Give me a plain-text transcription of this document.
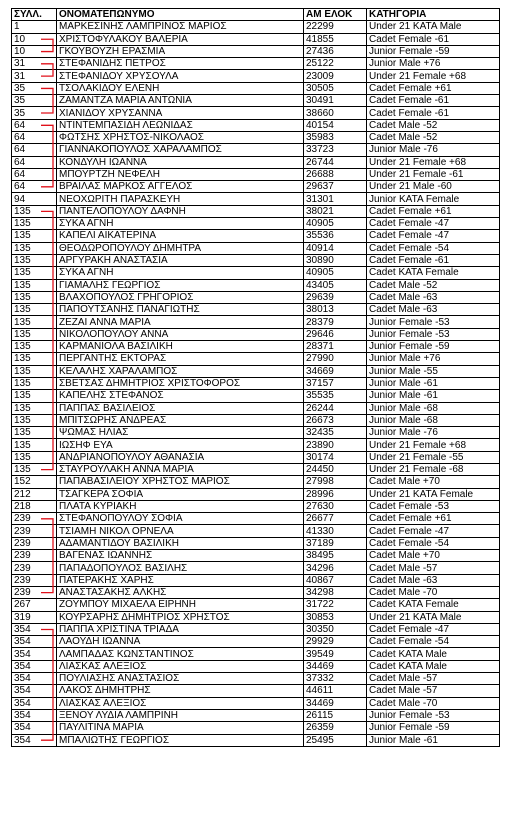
ΣΥΛΛ.	ΟΝΟΜΑΤΕΠΩΝΥΜΟ	ΑΜ ΕΛΟΚ	ΚΑΤΗΓΟΡΙΑ
1	ΜΑΡΚΕΣΙΝΗΣ ΛΑΜΠΡΙΝΟΣ ΜΑΡΙΟΣ	22299	Under 21 KATA Male
10	ΧΡΙΣΤΟΦΥΛΑΚΟΥ ΒΑΛΕΡΙΑ	41855	Cadet Female -61
10	ΓΚΟΥΒΟΥΖΗ ΕΡΑΣΜΙΑ	27436	Junior Female -59
31	ΣΤΕΦΑΝΙΔΗΣ ΠΕΤΡΟΣ	25122	Junior Male +76
31	ΣΤΕΦΑΝΙΔΟΥ ΧΡΥΣΟΥΛΑ	23009	Under 21 Female +68
35	ΤΣΟΛΑΚΙΔΟΥ ΕΛΕΝΗ	30505	Cadet Female +61
35	ΖΑΜΑΝΤΖΑ ΜΑΡΙΑ ΑΝΤΩΝΙΑ	30491	Cadet Female -61
35	ΧΙΑΝΙΔΟΥ ΧΡΥΣΑΝΝΑ	38660	Cadet Female -61
64	ΝΤΙΝΤΕΜΠΑΣΙΔΗ ΛΕΩΝΙΔΑΣ	40154	Cadet Male -52
64	ΦΩΤΣΗΣ ΧΡΗΣΤΟΣ-ΝΙΚΟΛΑΟΣ	35983	Cadet Male -52
64	ΓΙΑΝΝΑΚΟΠΟΥΛΟΣ ΧΑΡΑΛΑΜΠΟΣ	33723	Junior Male -76
64	ΚΟΝΔΥΛΗ ΙΩΑΝΝΑ	26744	Under 21 Female +68
64	ΜΠΟΥΡΤΖΗ ΝΕΦΕΛΗ	26688	Under 21 Female -61
64	ΒΡΑΙΛΑΣ ΜΑΡΚΟΣ ΑΓΓΕΛΟΣ	29637	Under 21 Male -60
94	ΝΕΟΧΩΡΙΤΗ ΠΑΡΑΣΚΕΥΗ	31301	Junior KATA Female
135	ΠΑΝΤΕΛΟΠΟΥΛΟΥ ΔΑΦΝΗ	38021	Cadet Female +61
135	ΣΥΚΑ ΑΓΝΗ	40905	Cadet Female -47
135	ΚΑΠΕΛΙ ΑΙΚΑΤΕΡΙΝΑ	35536	Cadet Female -47
135	ΘΕΟΔΩΡΟΠΟΥΛΟΥ ΔΗΜΗΤΡΑ	40914	Cadet Female -54
135	ΑΡΓΥΡΑΚΗ ΑΝΑΣΤΑΣΙΑ	30890	Cadet Female -61
135	ΣΥΚΑ ΑΓΝΗ	40905	Cadet KATA Female
135	ΓΙΑΜΑΛΗΣ ΓΕΩΡΓΙΟΣ	43405	Cadet Male -52
135	ΒΛΑΧΟΠΟΥΛΟΣ ΓΡΗΓΟΡΙΟΣ	29639	Cadet Male -63
135	ΠΑΠΟΥΤΣΑΝΗΣ ΠΑΝΑΓΙΩΤΗΣ	38013	Cadet Male -63
135	ΖΕΖΑΙ ΑΝΝΑ ΜΑΡΙΑ	28379	Junior Female -53
135	ΝΙΚΟΛΟΠΟΥΛΟΥ ΑΝΝΑ	29646	Junior Female -53
135	ΚΑΡΜΑΝΙΟΛΑ ΒΑΣΙΛΙΚΗ	28371	Junior Female -59
135	ΠΕΡΓΑΝΤΗΣ ΕΚΤΟΡΑΣ	27990	Junior Male +76
135	ΚΕΛΑΛΗΣ ΧΑΡΑΛΑΜΠΟΣ	34669	Junior Male -55
135	ΣΒΕΤΣΑΣ ΔΗΜΗΤΡΙΟΣ ΧΡΙΣΤΟΦΟΡΟΣ	37157	Junior Male -61
135	ΚΑΠΕΛΗΣ ΣΤΕΦΑΝΟΣ	35535	Junior Male -61
135	ΠΑΠΠΑΣ ΒΑΣΙΛΕΙΟΣ	26244	Junior Male -68
135	ΜΠΙΤΣΩΡΗΣ ΑΝΔΡΕΑΣ	26673	Junior Male -68
135	ΨΩΜΑΣ ΗΛΙΑΣ	32435	Junior Male -76
135	ΙΩΣΗΦ ΕΥΑ	23890	Under 21 Female +68
135	ΑΝΔΡΙΑΝΟΠΟΥΛΟΥ ΑΘΑΝΑΣΙΑ	30174	Under 21 Female -55
135	ΣΤΑΥΡΟΥΛΑΚΗ ΑΝΝΑ ΜΑΡΙΑ	24450	Under 21 Female -68
152	ΠΑΠΑΒΑΣΙΛΕΙΟΥ ΧΡΗΣΤΟΣ ΜΑΡΙΟΣ	27998	Cadet Male +70
212	ΤΣΑΓΚΕΡΑ ΣΟΦΙΑ	28996	Under 21 KATA Female
218	ΠΛΑΤΑ ΚΥΡΙΑΚΗ	27630	Cadet Female -53
239	ΣΤΕΦΑΝΟΠΟΥΛΟΥ ΣΟΦΙΑ	26677	Cadet Female +61
239	ΤΣΙΑΜΗ ΝΙΚΟΛ ΟΡΝΕΛΑ	41330	Cadet Female -47
239	ΑΔΑΜΑΝΤΙΔΟΥ ΒΑΣΙΛΙΚΗ	37189	Cadet Female -54
239	ΒΑΓΕΝΑΣ ΙΩΑΝΝΗΣ	38495	Cadet Male +70
239	ΠΑΠΑΔΟΠΟΥΛΟΣ ΒΑΣΙΛΗΣ	34296	Cadet Male -57
239	ΠΑΤΕΡΑΚΗΣ ΧΑΡΗΣ	40867	Cadet Male -63
239	ΑΝΑΣΤΑΣΑΚΗΣ ΑΛΚΗΣ	34298	Cadet Male -70
267	ΖΟΥΜΠΟΥ ΜΙΧΑΕΛΑ ΕΙΡΗΝΗ	31722	Cadet KATA Female
319	ΚΟΥΡΣΑΡΗΣ ΔΗΜΗΤΡΙΟΣ ΧΡΗΣΤΟΣ	30853	Under 21 KATA Male
354	ΠΑΠΠΑ ΧΡΙΣΤΙΝΑ ΤΡΙΑΔΑ	30350	Cadet Female -47
354	ΛΑΟΥΔΗ ΙΩΑΝΝΑ	29929	Cadet Female -54
354	ΛΑΜΠΑΔΑΣ ΚΩΝΣΤΑΝΤΙΝΟΣ	39549	Cadet KATA Male
354	ΛΙΑΣΚΑΣ ΑΛΕΞΙΟΣ	34469	Cadet KATA Male
354	ΠΟΥΛΙΑΣΗΣ ΑΝΑΣΤΑΣΙΟΣ	37332	Cadet Male -57
354	ΛΑΚΟΣ ΔΗΜΗΤΡΗΣ	44611	Cadet Male -57
354	ΛΙΑΣΚΑΣ ΑΛΕΞΙΟΣ	34469	Cadet Male -70
354	ΞΕΝΟΥ ΛΥΔΙΑ ΛΑΜΠΡΙΝΗ	26115	Junior Female -53
354	ΠΑΥΛΙΤΙΝΑ ΜΑΡΙΑ	26359	Junior Female -59
354	ΜΠΑΛΙΩΤΗΣ ΓΕΩΡΓΙΟΣ	25495	Junior Male -61
